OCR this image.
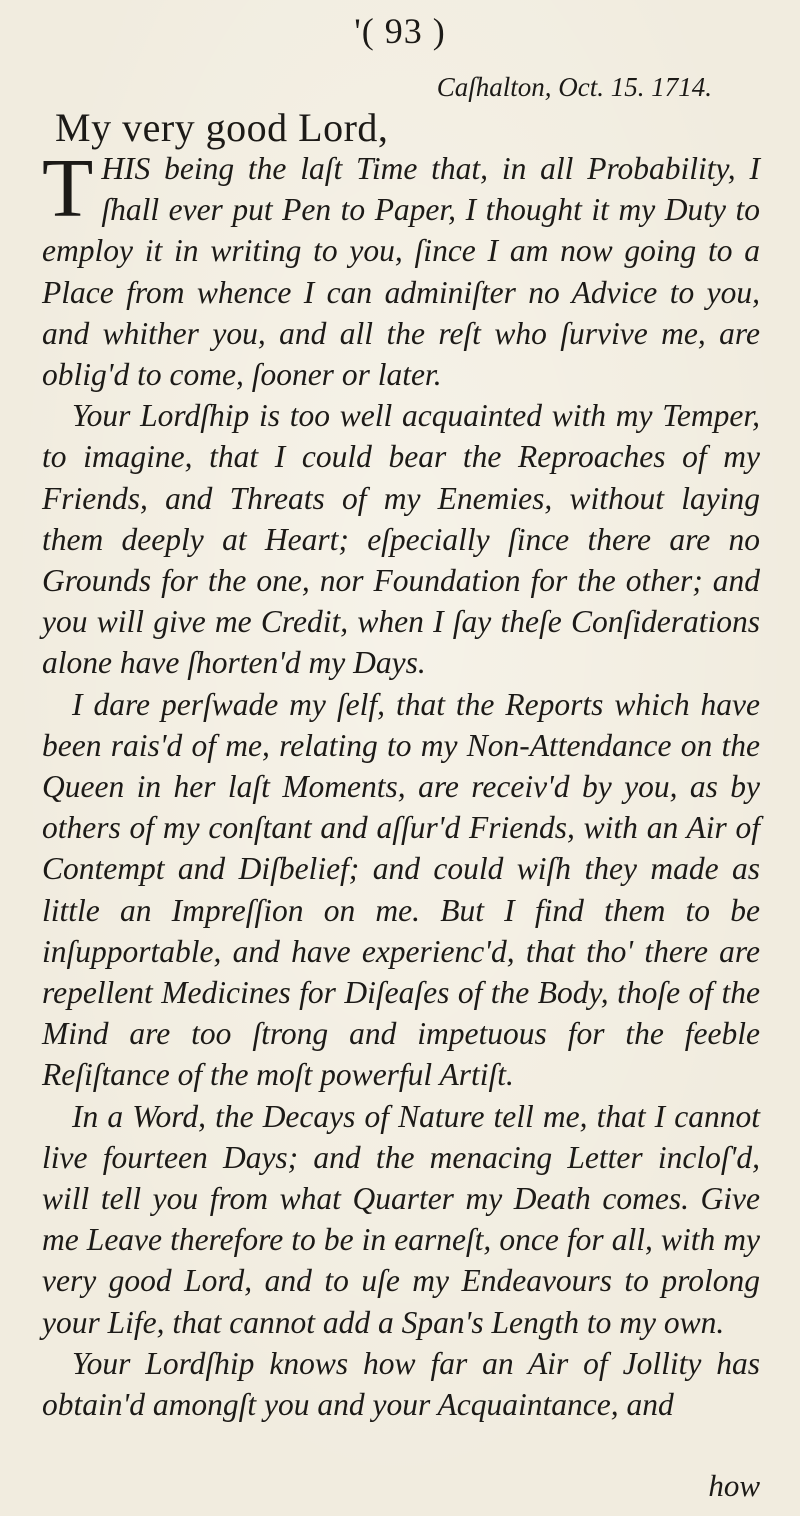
'( 93 )
Caſhalton, Oct. 15. 1714.
My very good Lord,

THIS being the laſt Time that, in all Probability, I ſhall ever put Pen to Paper, I thought it my Duty to employ it in writing to you, ſince I am now going to a Place from whence I can adminiſter no Advice to you, and whither you, and all the reſt who ſurvive me, are oblig'd to come, ſooner or later.

Your Lordſhip is too well acquainted with my Temper, to imagine, that I could bear the Reproaches of my Friends, and Threats of my Enemies, without laying them deeply at Heart; eſpecially ſince there are no Grounds for the one, nor Foundation for the other; and you will give me Credit, when I ſay theſe Conſiderations alone have ſhorten'd my Days.

I dare perſwade my ſelf, that the Reports which have been rais'd of me, relating to my Non-Attendance on the Queen in her laſt Moments, are receiv'd by you, as by others of my conſtant and aſſur'd Friends, with an Air of Contempt and Diſbelief; and could wiſh they made as little an Impreſſion on me. But I find them to be inſupportable, and have experienc'd, that tho' there are repellent Medicines for Diſeaſes of the Body, thoſe of the Mind are too ſtrong and impetuous for the feeble Reſiſtance of the moſt powerful Artiſt.

In a Word, the Decays of Nature tell me, that I cannot live fourteen Days; and the menacing Letter incloſ'd, will tell you from what Quarter my Death comes. Give me Leave therefore to be in earneſt, once for all, with my very good Lord, and to uſe my Endeavours to prolong your Life, that cannot add a Span's Length to my own.

Your Lordſhip knows how far an Air of Jollity has obtain'd amongſt you and your Acquaintance, and

how
